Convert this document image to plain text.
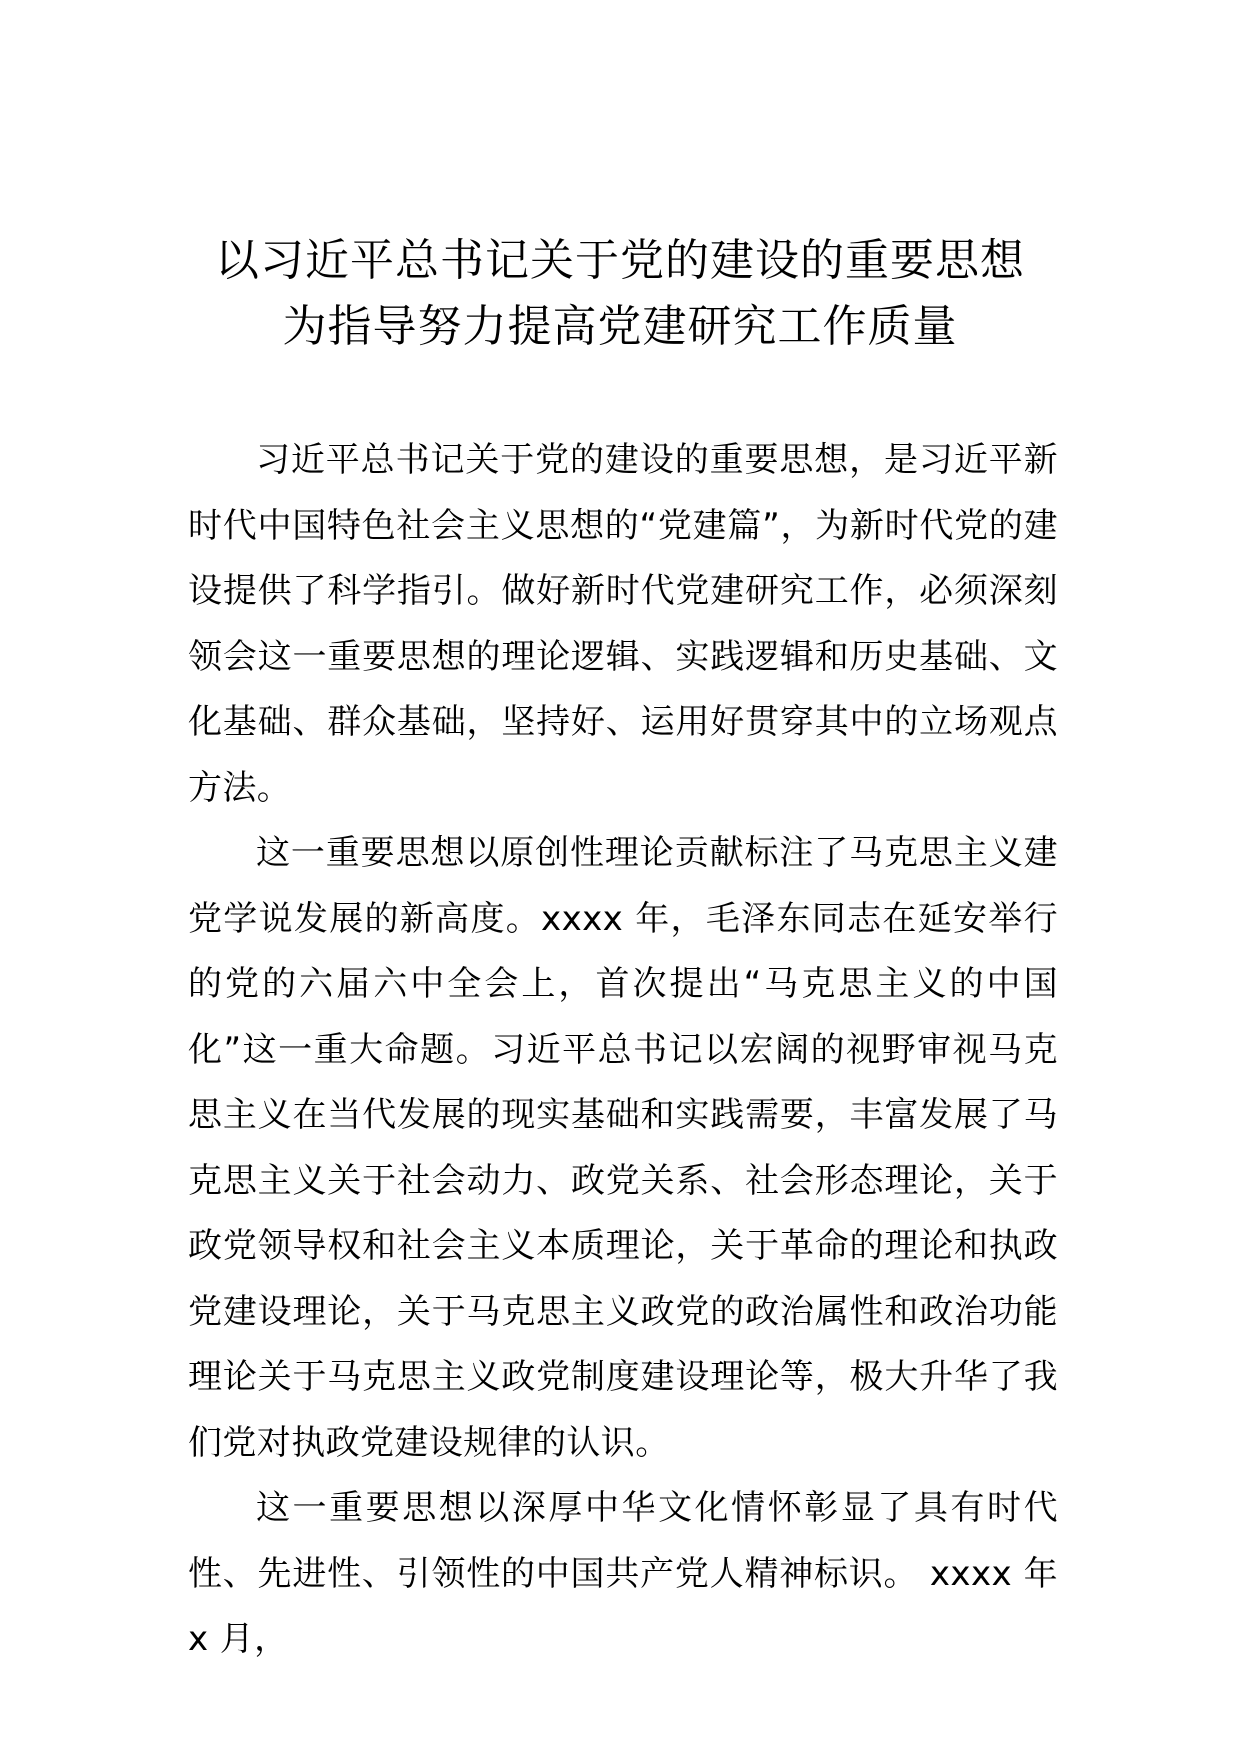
以习近平总书记关于党的建设的重要思想
为指导努力提高党建研究工作质量

习近平总书记关于党的建设的重要思想，是习近平新时代中国特色社会主义思想的“党建篇”，为新时代党的建设提供了科学指引。做好新时代党建研究工作，必须深刻领会这一重要思想的理论逻辑、实践逻辑和历史基础、文化基础、群众基础，坚持好、运用好贯穿其中的立场观点方法。

这一重要思想以原创性理论贡献标注了马克思主义建党学说发展的新高度。xxxx 年，毛泽东同志在延安举行的党的六届六中全会上，首次提出“马克思主义的中国化”这一重大命题。习近平总书记以宏阔的视野审视马克思主义在当代发展的现实基础和实践需要，丰富发展了马克思主义关于社会动力、政党关系、社会形态理论，关于政党领导权和社会主义本质理论，关于革命的理论和执政党建设理论，关于马克思主义政党的政治属性和政治功能理论关于马克思主义政党制度建设理论等，极大升华了我们党对执政党建设规律的认识。

这一重要思想以深厚中华文化情怀彰显了具有时代性、先进性、引领性的中国共产党人精神标识。 xxxx 年 x 月，
